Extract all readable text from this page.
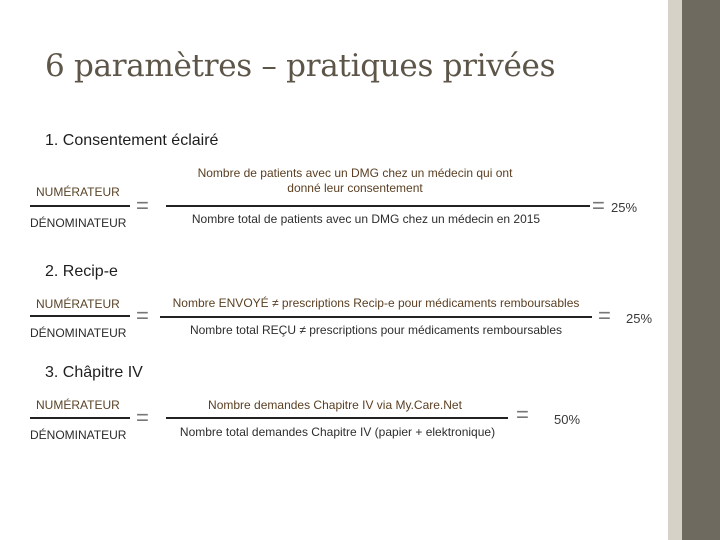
6 paramètres – pratiques privées
1. Consentement éclairé
NUMÉRATEUR
DÉNOMINATEUR
=
Nombre de patients avec un DMG chez un médecin qui ont donné leur consentement
Nombre total de patients avec un DMG chez un médecin en 2015
= 25%
2. Recip-e
NUMÉRATEUR
DÉNOMINATEUR
=	Nombre ENVOYÉ ≠ prescriptions Recip-e pour médicaments remboursables
Nombre total REÇU ≠ prescriptions pour médicaments remboursables
= 25%
3. Châpitre IV
NUMÉRATEUR
DÉNOMINATEUR
=	Nombre demandes Chapitre IV via My.Care.Net
Nombre total demandes Chapitre IV (papier + elektronique)
= 50%
